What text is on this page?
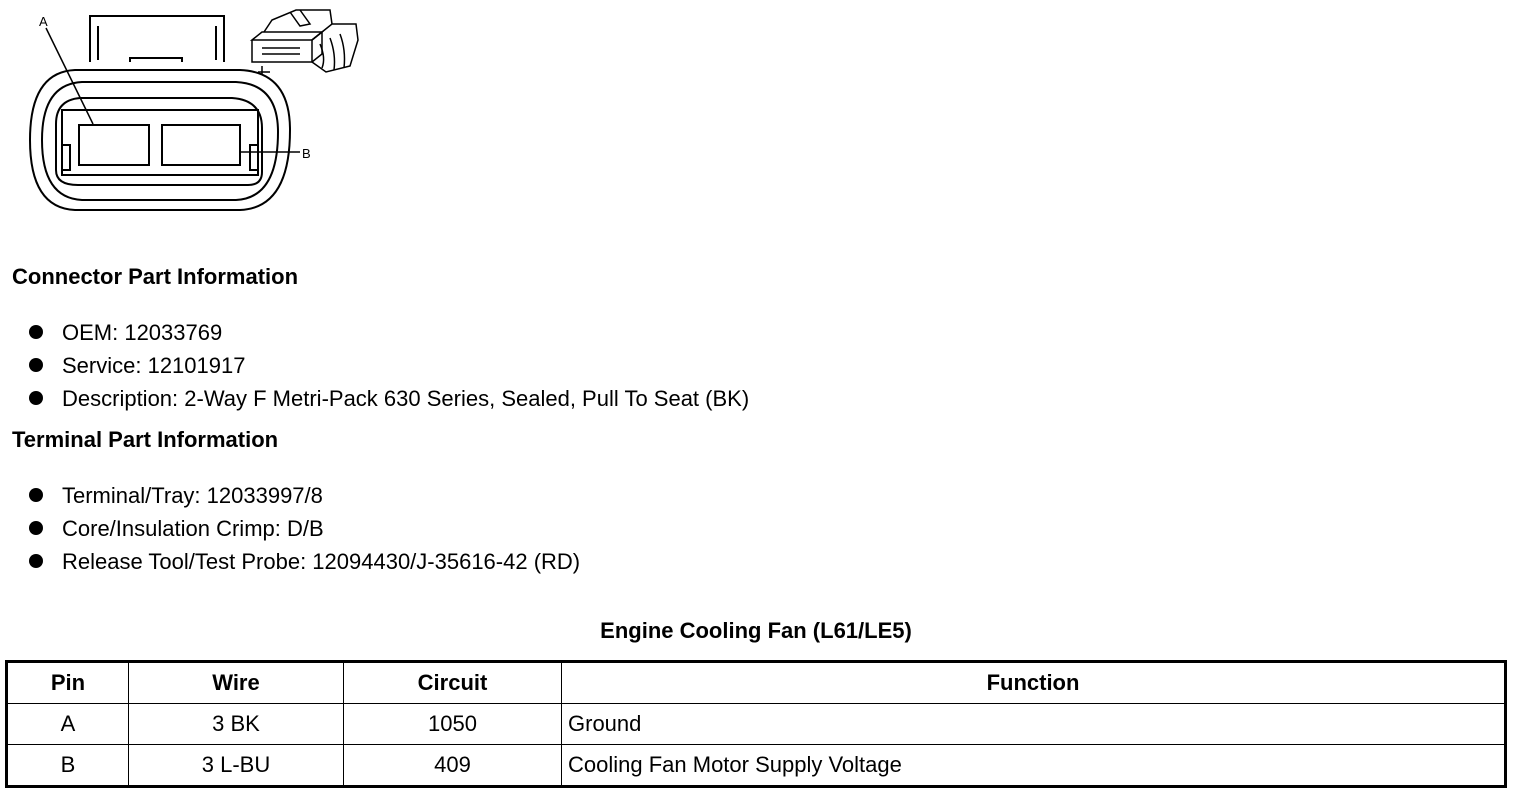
A
B
Connector Part Information
OEM: 12033769
Service: 12101917
Description: 2-Way F Metri-Pack 630 Series, Sealed, Pull To Seat (BK)
Terminal Part Information
Terminal/Tray: 12033997/8
Core/Insulation Crimp: D/B
Release Tool/Test Probe: 12094430/J-35616-42 (RD)
Engine Cooling Fan (L61/LE5)
Pin	Wire	Circuit	Function
A	3 BK	1050	Ground
B	3 L-BU	409	Cooling Fan Motor Supply Voltage
